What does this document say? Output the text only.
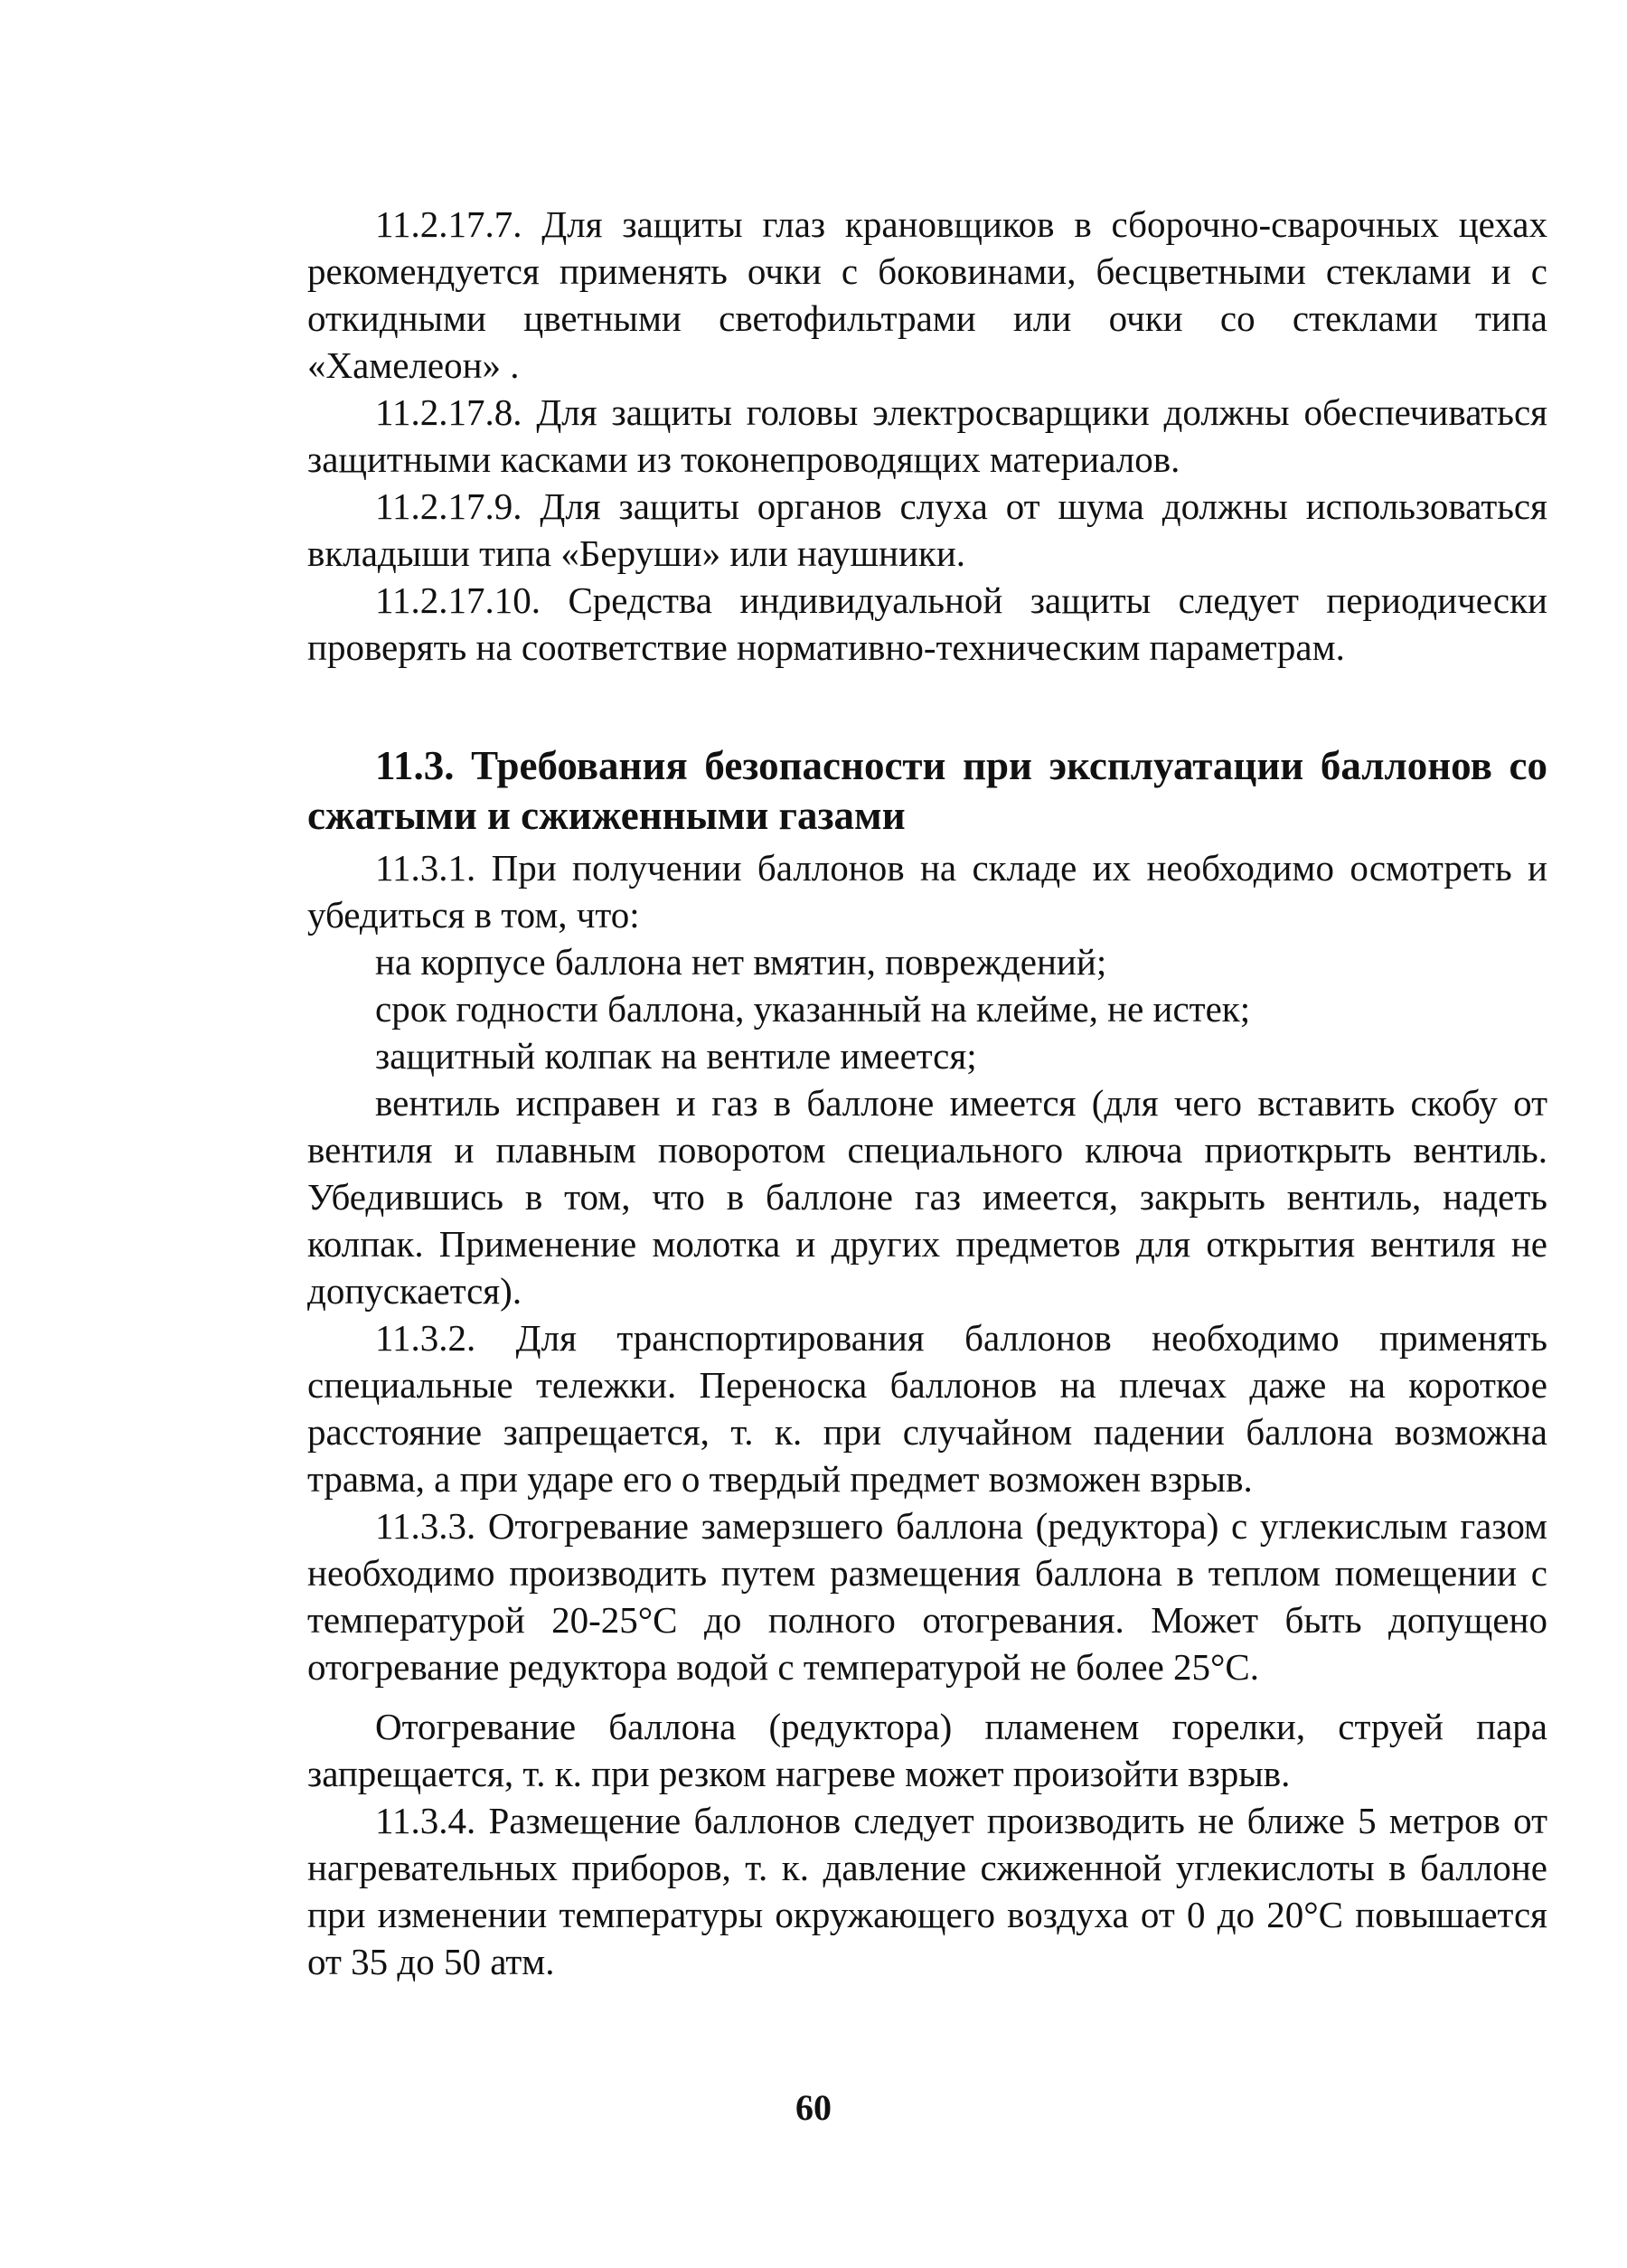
11.2.17.7. Для защиты глаз крановщиков в сборочно-сварочных цехах рекомендуется применять очки с боковинами, бесцветными стеклами и с откидными цветными светофильтрами или очки со стеклами типа «Хамелеон» .

11.2.17.8. Для защиты головы электросварщики должны обеспечиваться защитными касками из токонепроводящих материалов.

11.2.17.9. Для защиты органов слуха от шума должны использоваться вкладыши типа «Беруши» или наушники.

11.2.17.10. Средства индивидуальной защиты следует периодически проверять на соответствие нормативно-техническим параметрам.

11.3. Требования безопасности при эксплуатации баллонов со сжатыми и сжиженными газами

11.3.1. При получении баллонов на складе их необходимо осмотреть и убедиться в том, что:

на корпусе баллона нет вмятин, повреждений;

срок годности баллона, указанный на клейме, не истек;

защитный колпак на вентиле имеется;

вентиль исправен и газ в баллоне имеется (для чего вставить скобу от вентиля и плавным поворотом специального ключа приоткрыть вентиль. Убедившись в том, что в баллоне газ имеется, закрыть вентиль, надеть колпак. Применение молотка и других предметов для открытия вентиля не допускается).

11.3.2. Для транспортирования баллонов необходимо применять специальные тележки. Переноска баллонов на плечах даже на короткое расстояние запрещается, т. к. при случайном падении баллона возможна травма, а при ударе его о твердый предмет возможен взрыв.

11.3.3. Отогревание замерзшего баллона (редуктора) с углекислым газом необходимо производить путем размещения баллона в теплом помещении с температурой 20-25°С до полного отогревания. Может быть допущено отогревание редуктора водой с температурой не более 25°С.

Отогревание баллона (редуктора) пламенем горелки, струей пара запрещается, т. к. при резком нагреве может произойти взрыв.

11.3.4. Размещение баллонов следует производить не ближе 5 метров от нагревательных приборов, т. к. давление сжиженной углекислоты в баллоне при изменении температуры окружающего воздуха от 0 до 20°С повышается от 35 до 50 атм.

60
